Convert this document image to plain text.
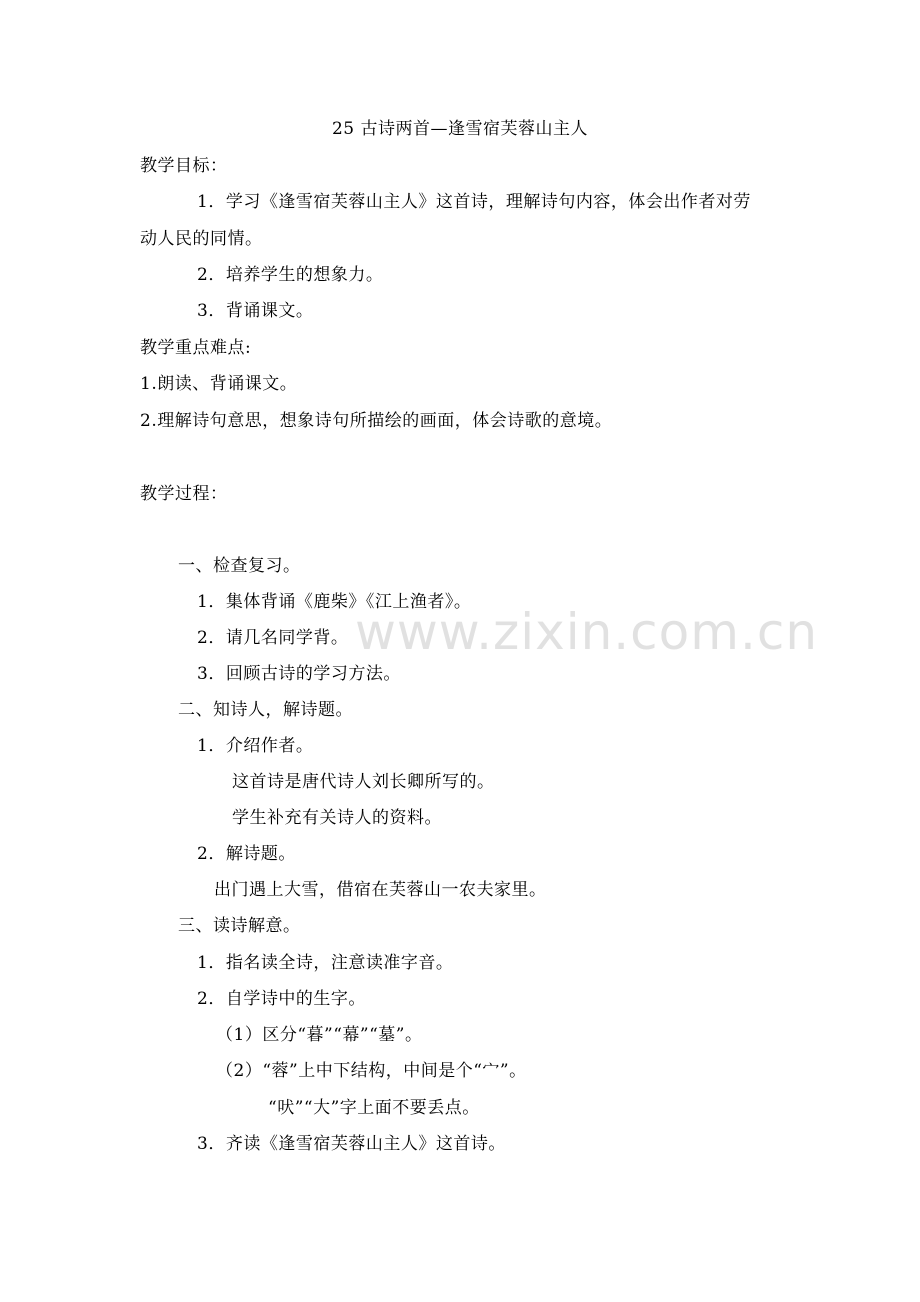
www.zixin.com.cn
25 古诗两首—逢雪宿芙蓉山主人
教学目标：
1．学习《逢雪宿芙蓉山主人》这首诗，理解诗句内容，体会出作者对劳
动人民的同情。
2．培养学生的想象力。
3．背诵课文。
教学重点难点:
1.朗读、背诵课文。
2.理解诗句意思，想象诗句所描绘的画面，体会诗歌的意境。
教学过程：
一、检查复习。
1．集体背诵《鹿柴》《江上渔者》。
2．请几名同学背。
3．回顾古诗的学习方法。
二、知诗人，解诗题。
1．介绍作者。
这首诗是唐代诗人刘长卿所写的。
学生补充有关诗人的资料。
2．解诗题。
出门遇上大雪，借宿在芙蓉山一农夫家里。
三、读诗解意。
1．指名读全诗，注意读准字音。
2．自学诗中的生字。
（1）区分“暮”“幕”“墓”。
（2）“蓉”上中下结构，中间是个“宀”。
“吠”“大”字上面不要丢点。
3．齐读《逢雪宿芙蓉山主人》这首诗。
